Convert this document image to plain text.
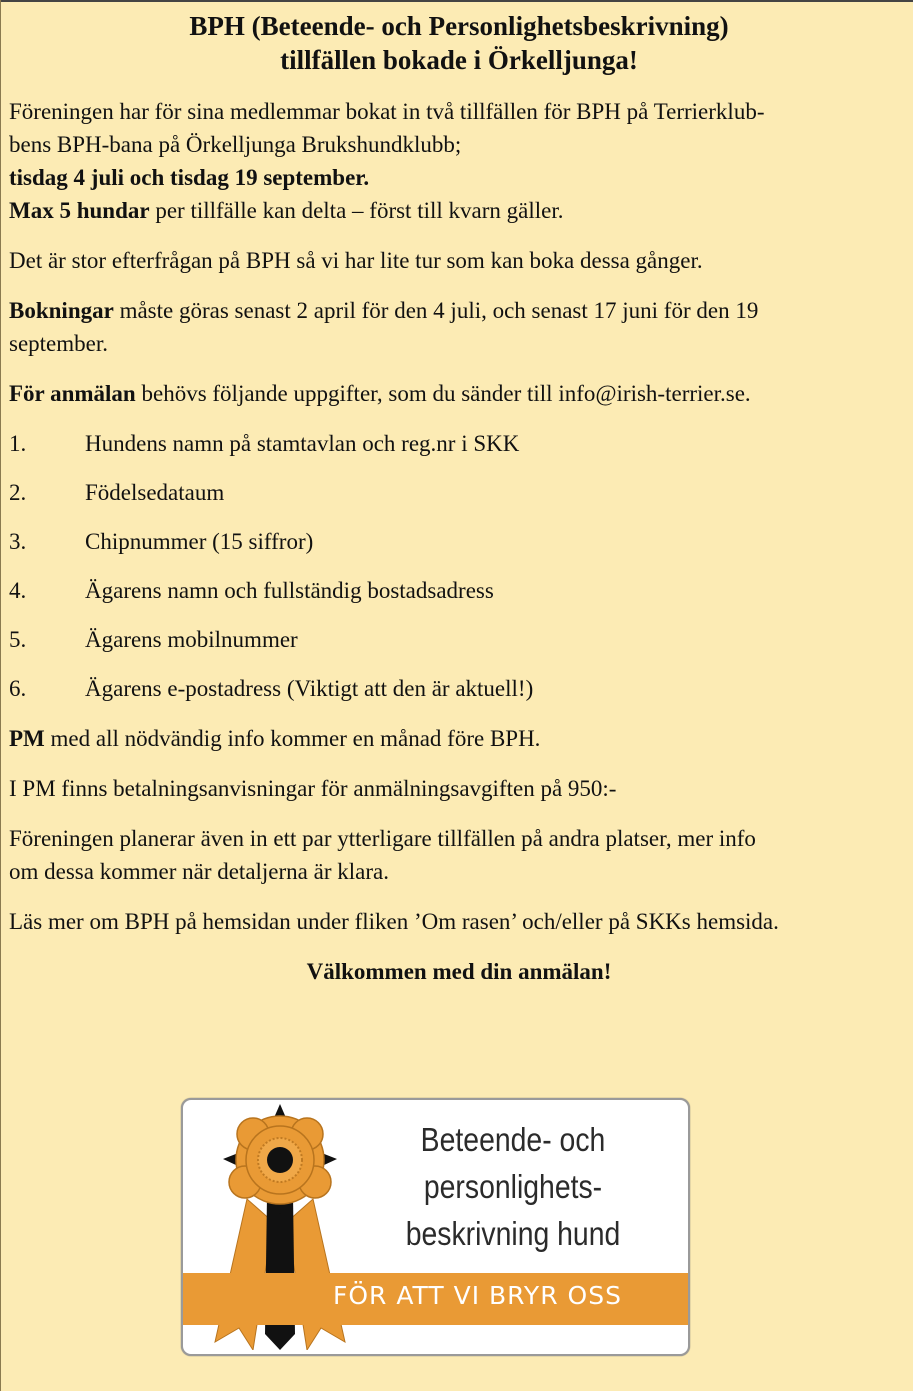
BPH (Beteende- och Personlighetsbeskrivning)
tillfällen bokade i Örkelljunga!

Föreningen har för sina medlemmar bokat in två tillfällen för BPH på Terrierklub-

bens BPH-bana på Örkelljunga Brukshundklubb;

tisdag 4 juli och tisdag 19 september.

Max 5 hundar per tillfälle kan delta – först till kvarn gäller.

Det är stor efterfrågan på BPH så vi har lite tur som kan boka dessa gånger.

Bokningar måste göras senast 2 april för den 4 juli, och senast 17 juni för den 19

september.

För anmälan behövs följande uppgifter, som du sänder till info@irish-terrier.se.

1.	Hundens namn på stamtavlan och reg.nr i SKK
2.	Födelsedataum
3.	Chipnummer (15 siffror)
4.	Ägarens namn och fullständig bostadsadress
5.	Ägarens mobilnummer
6.	Ägarens e-postadress (Viktigt att den är aktuell!)

PM med all nödvändig info kommer en månad före BPH.

I PM finns betalningsanvisningar för anmälningsavgiften på 950:-

Föreningen planerar även in ett par ytterligare tillfällen på andra platser, mer info

om dessa kommer när detaljerna är klara.

Läs mer om BPH på hemsidan under fliken ’Om rasen’ och/eller på SKKs hemsida.

Välkommen med din anmälan!

Beteende- och
personlighets-
beskrivning hund
FÖR ATT VI BRYR OSS
